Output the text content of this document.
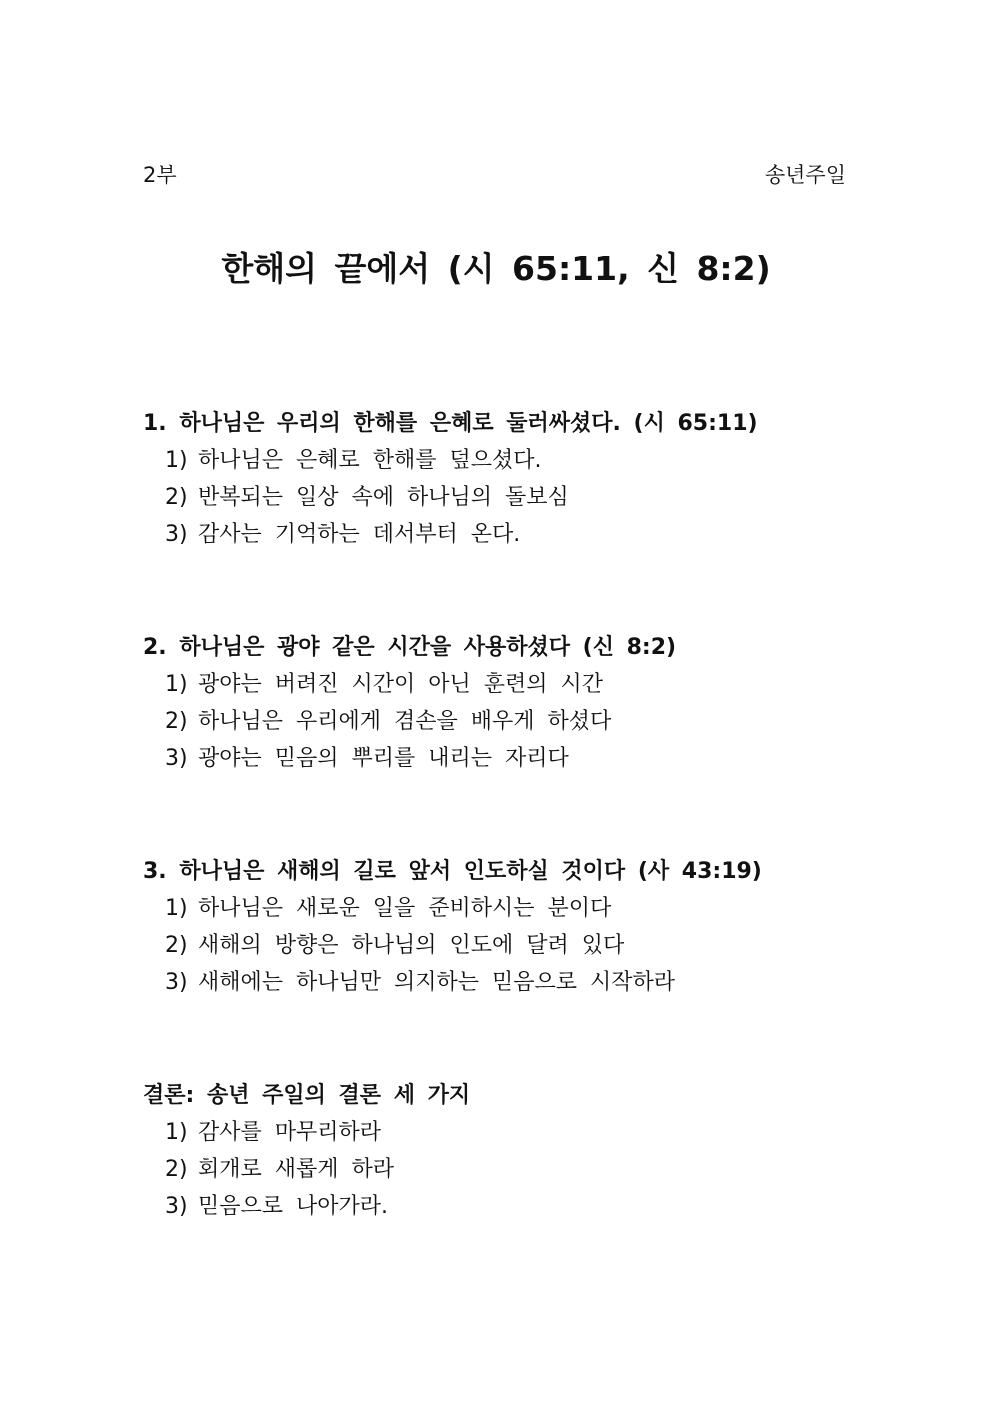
2부	송년주일
한해의 끝에서 (시 65:11, 신 8:2)
1. 하나님은 우리의 한해를 은혜로 둘러싸셨다. (시 65:11)
1) 하나님은 은혜로 한해를 덮으셨다.
2) 반복되는 일상 속에 하나님의 돌보심
3) 감사는 기억하는 데서부터 온다.
2. 하나님은 광야 같은 시간을 사용하셨다 (신 8:2)
1) 광야는 버려진 시간이 아닌 훈련의 시간
2) 하나님은 우리에게 겸손을 배우게 하셨다
3) 광야는 믿음의 뿌리를 내리는 자리다
3. 하나님은 새해의 길로 앞서 인도하실 것이다 (사 43:19)
1) 하나님은 새로운 일을 준비하시는 분이다
2) 새해의 방향은 하나님의 인도에 달려 있다
3) 새해에는 하나님만 의지하는 믿음으로 시작하라
결론: 송년 주일의 결론 세 가지
1) 감사를 마무리하라
2) 회개로 새롭게 하라
3) 믿음으로 나아가라.
